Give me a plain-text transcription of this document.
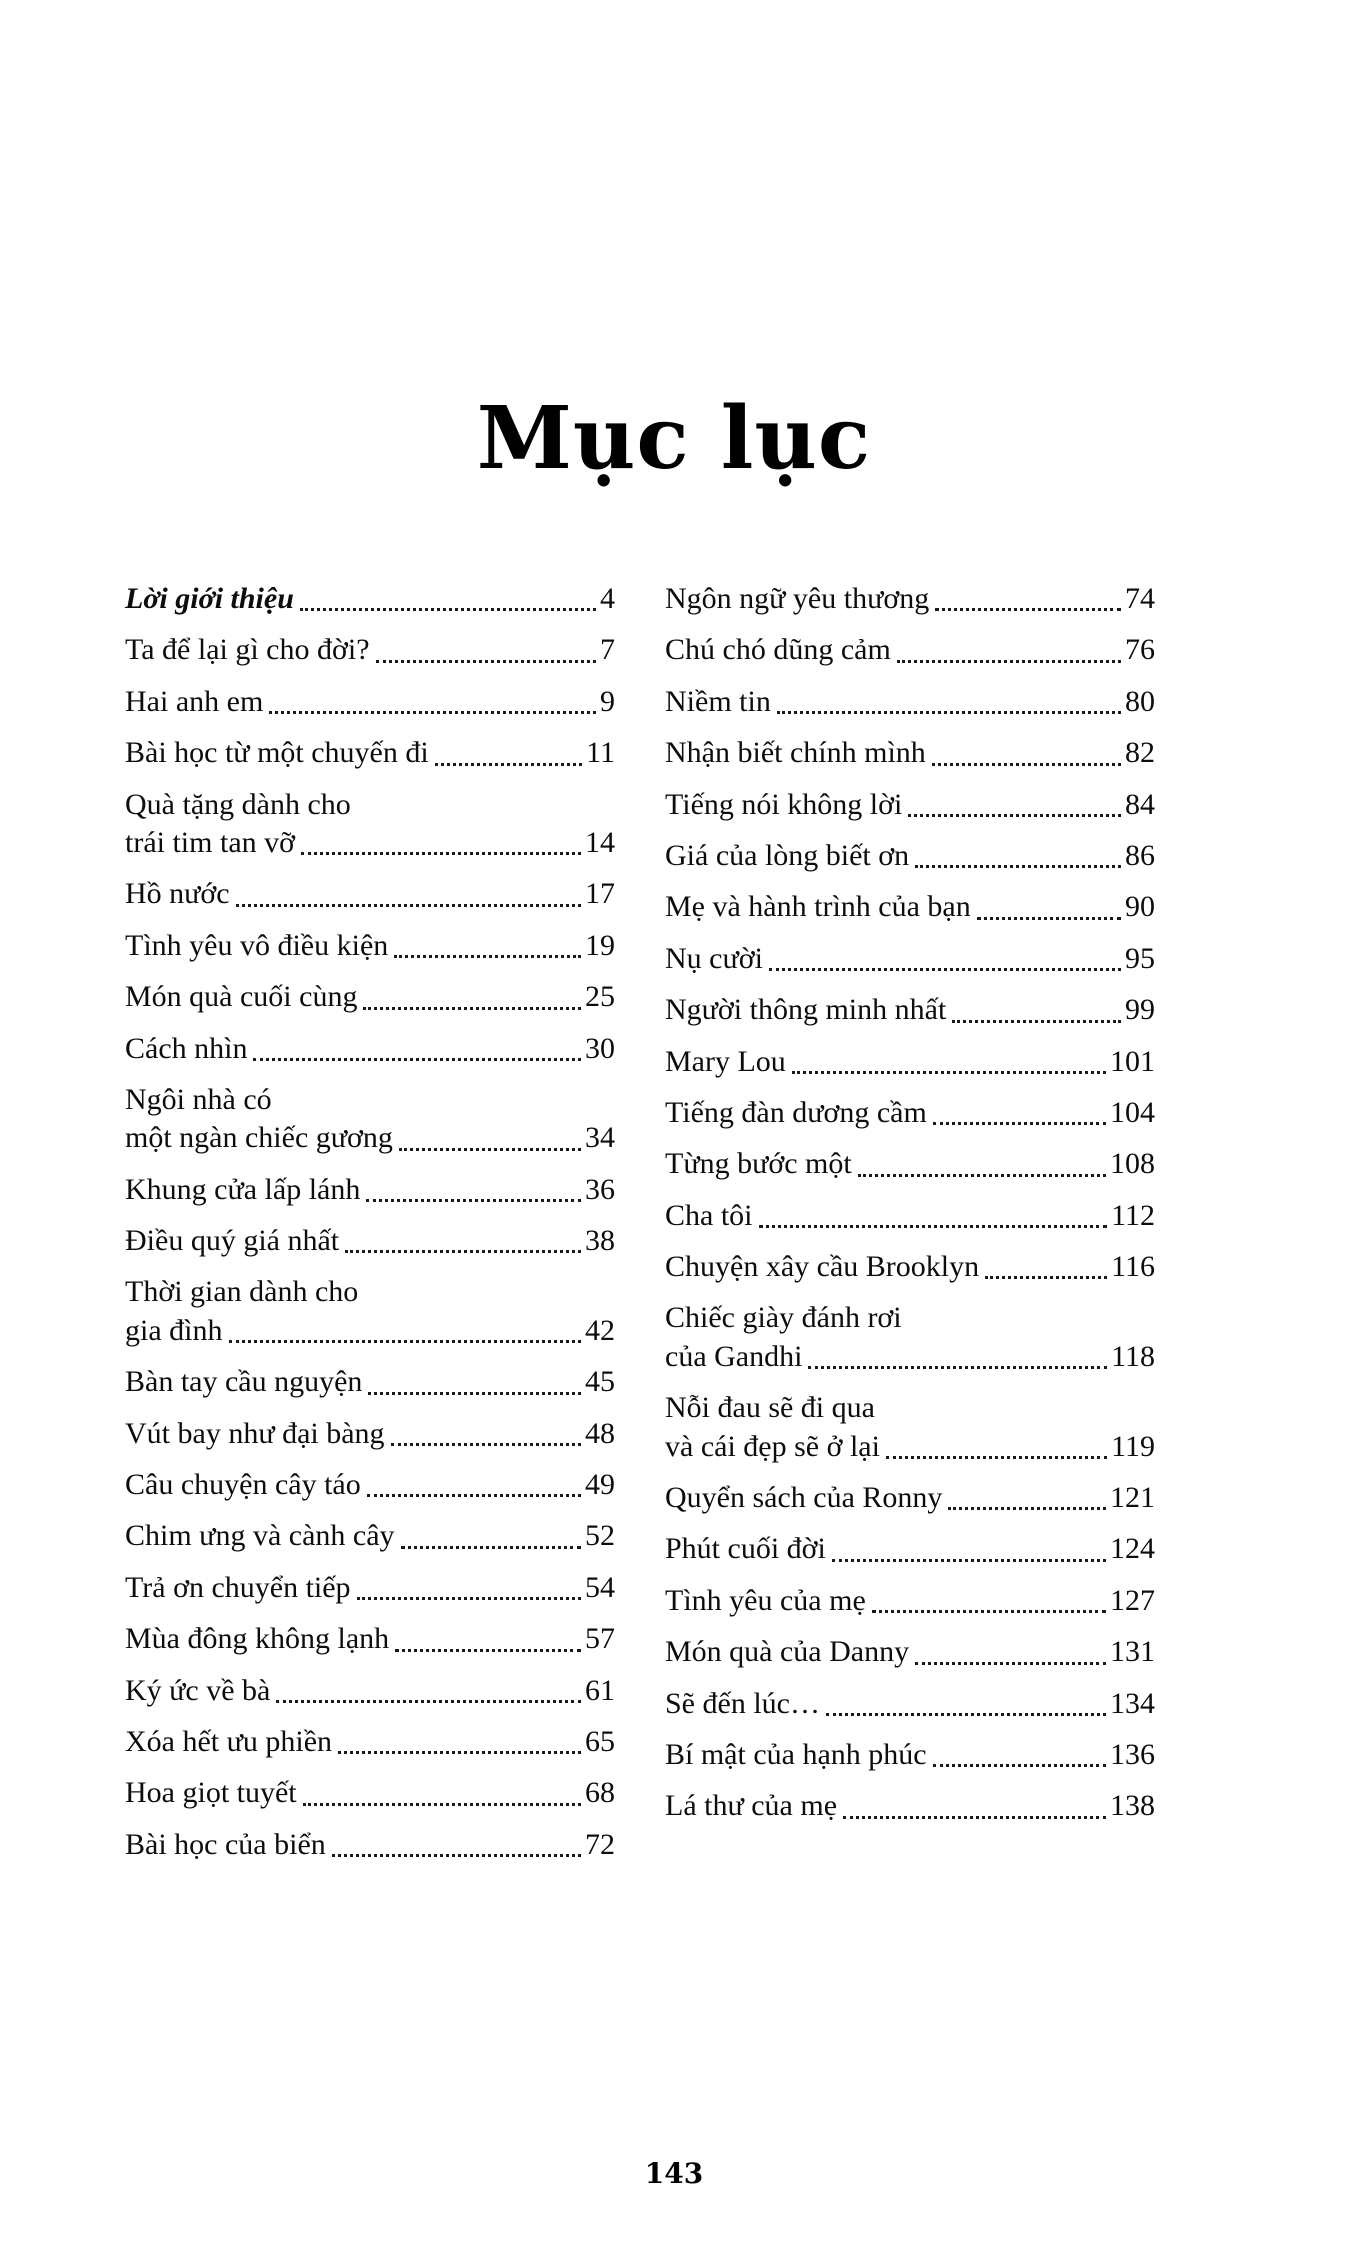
Mục lục
Lời giới thiệu	4
Ta để lại gì cho đời?	7
Hai anh em	9
Bài học từ một chuyến đi	11
Quà tặng dành cho
trái tim tan vỡ	14
Hồ nước	17
Tình yêu vô điều kiện	19
Món quà cuối cùng	25
Cách nhìn	30
Ngôi nhà có
một ngàn chiếc gương	34
Khung cửa lấp lánh	36
Điều quý giá nhất	38
Thời gian dành cho
gia đình	42
Bàn tay cầu nguyện	45
Vút bay như đại bàng	48
Câu chuyện cây táo	49
Chim ưng và cành cây	52
Trả ơn chuyển tiếp	54
Mùa đông không lạnh	57
Ký ức về bà	61
Xóa hết ưu phiền	65
Hoa giọt tuyết	68
Bài học của biển	72
Ngôn ngữ yêu thương	74
Chú chó dũng cảm	76
Niềm tin	80
Nhận biết chính mình	82
Tiếng nói không lời	84
Giá của lòng biết ơn	86
Mẹ và hành trình của bạn	90
Nụ cười	95
Người thông minh nhất	99
Mary Lou	101
Tiếng đàn dương cầm	104
Từng bước một	108
Cha tôi	112
Chuyện xây cầu Brooklyn	116
Chiếc giày đánh rơi
của Gandhi	118
Nỗi đau sẽ đi qua
và cái đẹp sẽ ở lại	119
Quyển sách của Ronny	121
Phút cuối đời	124
Tình yêu của mẹ	127
Món quà của Danny	131
Sẽ đến lúc…	134
Bí mật của hạnh phúc	136
Lá thư của mẹ	138
143
